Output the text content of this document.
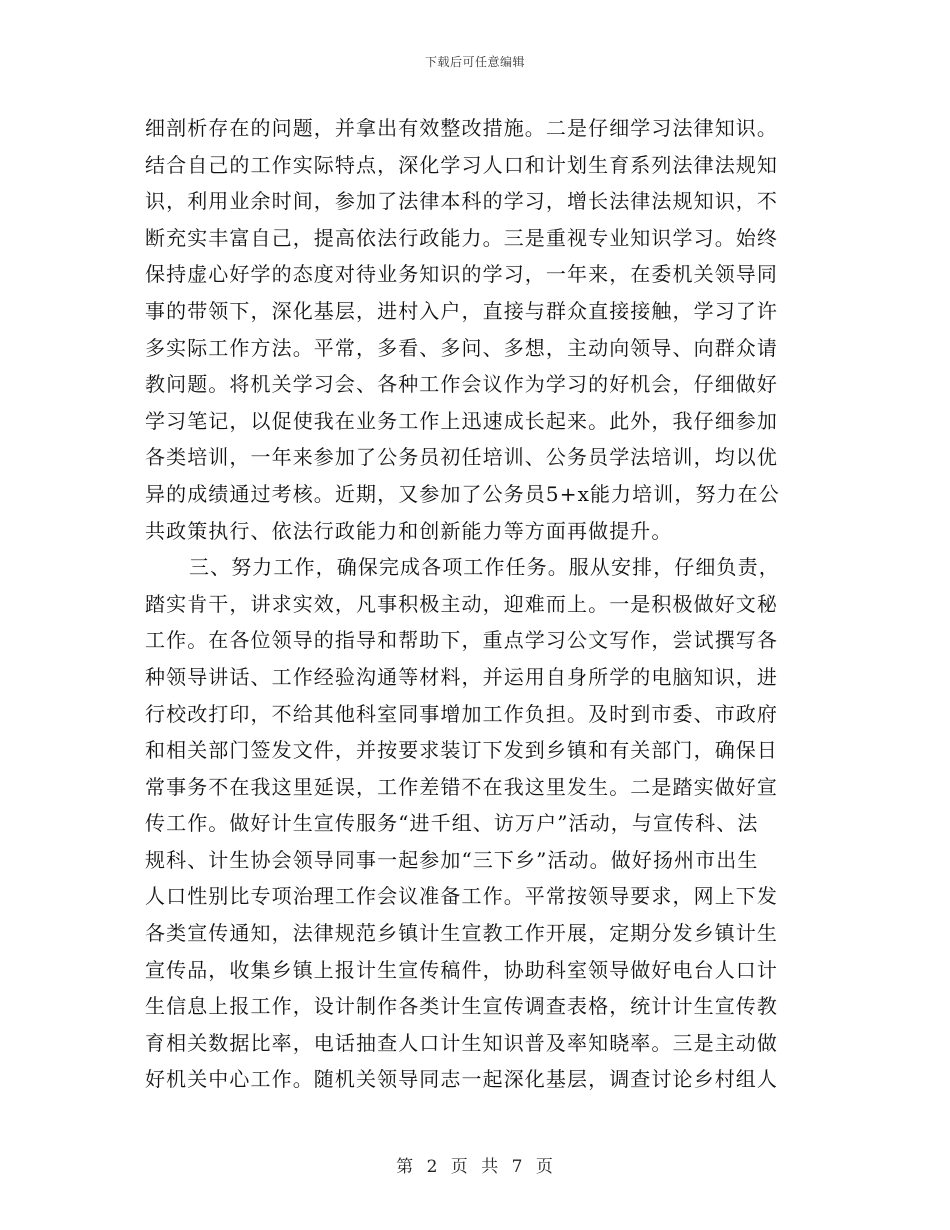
下载后可任意编辑
细剖析存在的问题，并拿出有效整改措施。二是仔细学习法律知识。
结合自己的工作实际特点，深化学习人口和计划生育系列法律法规知
识，利用业余时间，参加了法律本科的学习，增长法律法规知识，不
断充实丰富自己，提高依法行政能力。三是重视专业知识学习。始终
保持虚心好学的态度对待业务知识的学习，一年来，在委机关领导同
事的带领下，深化基层，进村入户，直接与群众直接接触，学习了许
多实际工作方法。平常，多看、多问、多想，主动向领导、向群众请
教问题。将机关学习会、各种工作会议作为学习的好机会，仔细做好
学习笔记，以促使我在业务工作上迅速成长起来。此外，我仔细参加
各类培训，一年来参加了公务员初任培训、公务员学法培训，均以优
异的成绩通过考核。近期，又参加了公务员5+x能力培训，努力在公
共政策执行、依法行政能力和创新能力等方面再做提升。
三、努力工作，确保完成各项工作任务。服从安排，仔细负责，
踏实肯干，讲求实效，凡事积极主动，迎难而上。一是积极做好文秘
工作。在各位领导的指导和帮助下，重点学习公文写作，尝试撰写各
种领导讲话、工作经验沟通等材料，并运用自身所学的电脑知识，进
行校改打印，不给其他科室同事增加工作负担。及时到市委、市政府
和相关部门签发文件，并按要求装订下发到乡镇和有关部门，确保日
常事务不在我这里延误，工作差错不在我这里发生。二是踏实做好宣
传工作。做好计生宣传服务“进千组、访万户”活动，与宣传科、法
规科、计生协会领导同事一起参加“三下乡”活动。做好扬州市出生
人口性别比专项治理工作会议准备工作。平常按领导要求，网上下发
各类宣传通知，法律规范乡镇计生宣教工作开展，定期分发乡镇计生
宣传品，收集乡镇上报计生宣传稿件，协助科室领导做好电台人口计
生信息上报工作，设计制作各类计生宣传调查表格，统计计生宣传教
育相关数据比率，电话抽查人口计生知识普及率知晓率。三是主动做
好机关中心工作。随机关领导同志一起深化基层，调查讨论乡村组人
第 2 页 共 7 页
